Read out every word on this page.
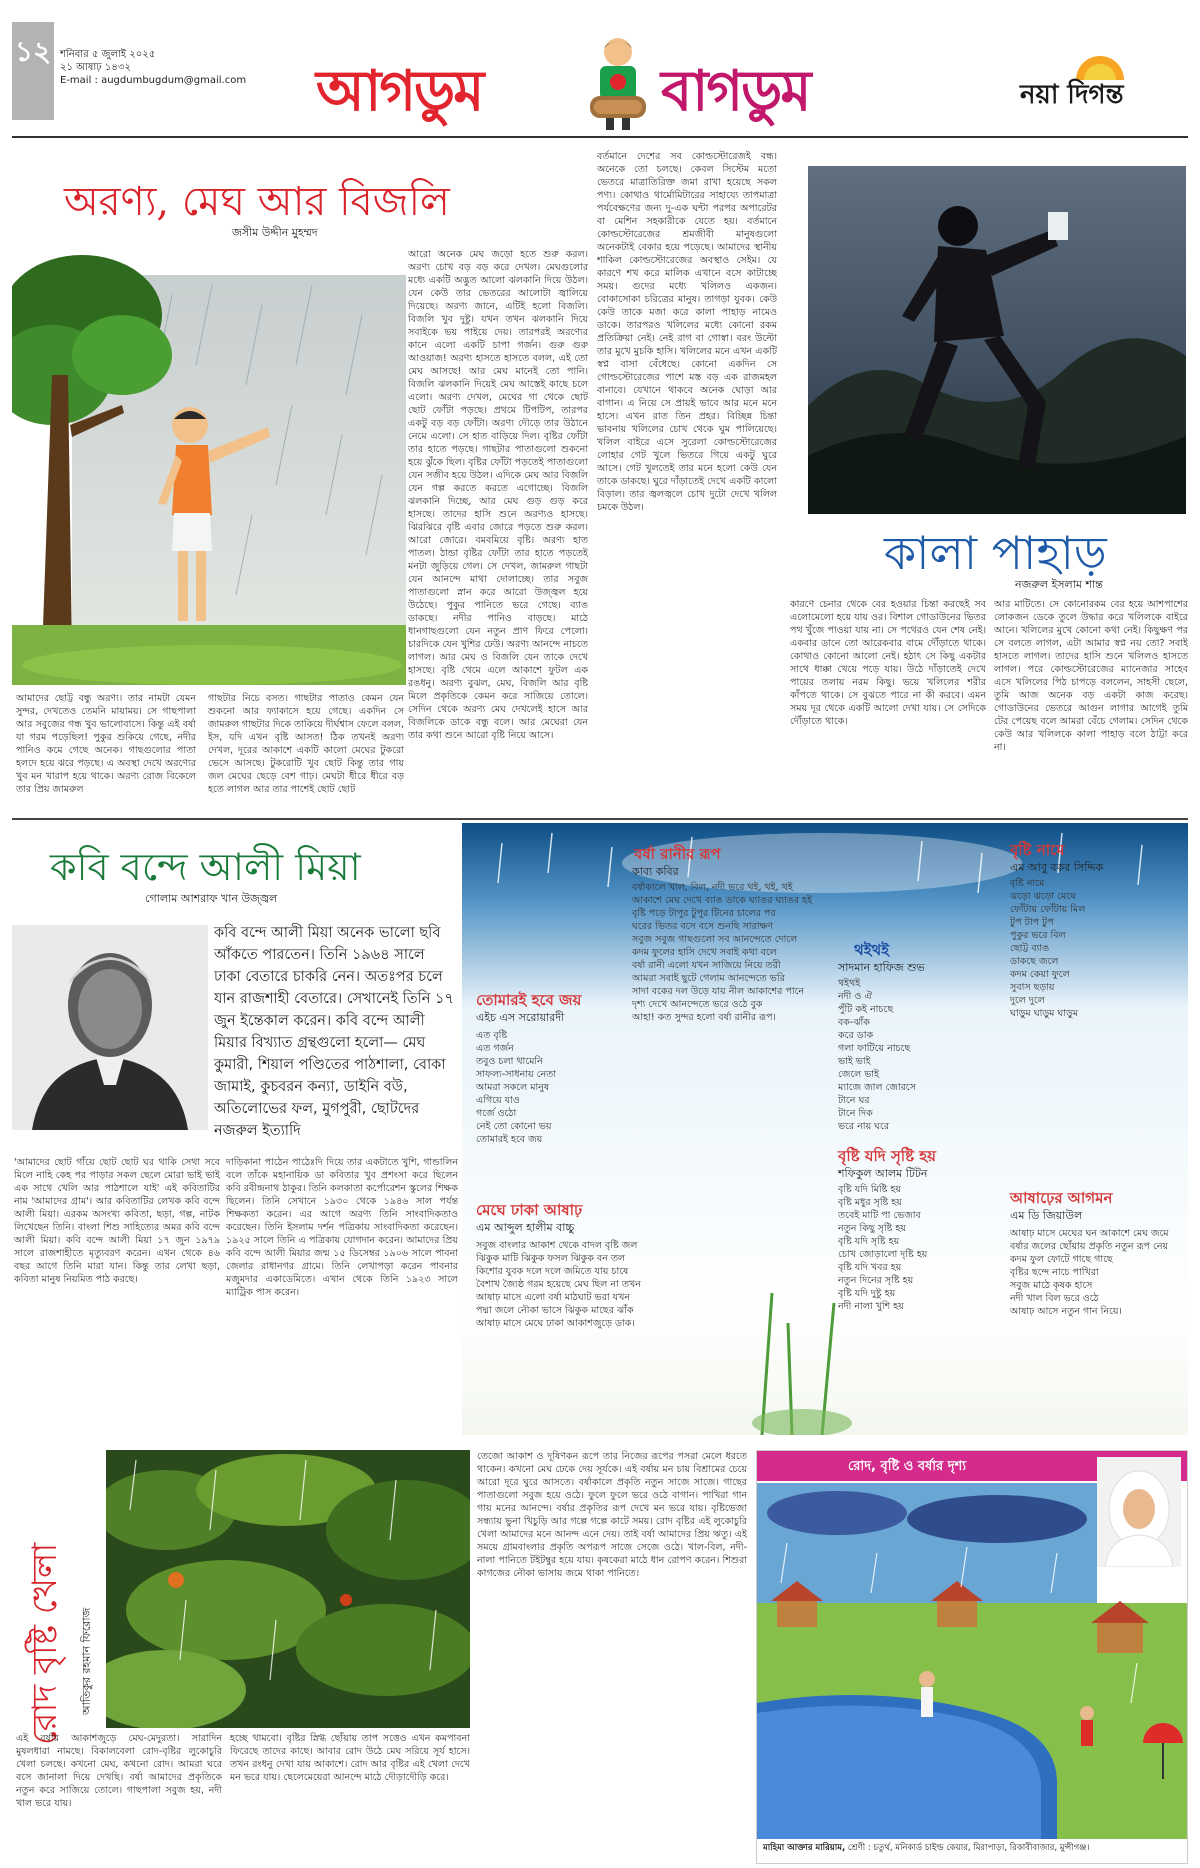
১২ শনিবার ৫ জুলাই ২০২৫
২১ আষাঢ় ১৪৩২
E-mail : augdumbugdum@gmail.com আগডুম	বাগডুম	নয়া দিগন্ত
অরণ্য, মেঘ আর বিজলি
জসীম উদ্দীন মুহম্মদ
আমাদের ছোট্ট বন্ধু অরণ্য। তার নামটা যেমন সুন্দর, দেখতেও তেমনি মায়াময়। সে গাছপালা আর সবুজের গন্ধ খুব ভালোবাসে। কিন্তু এই বর্ষা যা গরম পড়েছিল! পুকুর শুকিয়ে গেছে, নদীর পানিও কমে গেছে অনেক। গাছগুলোর পাতা হলদে হয়ে ঝরে পড়ছে। এ অবস্থা দেখে অরণ্যের খুব মন খারাপ হয়ে থাকে। অরণ্য রোজ বিকেলে তার প্রিয় জামরুল
গাছটার নিচে বসত। গাছটার পাতাও কেমন যেন শুকনো আর ফ্যাকাসে হয়ে গেছে। একদিন সে জামরুল গাছটার দিকে তাকিয়ে দীর্ঘশ্বাস ফেলে বলল, ইস, যদি এখন বৃষ্টি আসত! ঠিক তখনই অরণ্য দেখল, দূরের আকাশে একটি কালো মেঘের টুকরো ভেসে আসছে। টুকরোটি খুব ছোট কিন্তু তার গায় জল মেঘের ছেড়ে বেশ গাঢ়। মেঘটা ধীরে ধীরে বড় হতে লাগল আর তার পাশেই ছোট ছোট
আরো অনেক মেঘ জড়ো হতে শুরু করল। অরণ্য চোখ বড় বড় করে দেখল। মেঘগুলোর মধ্যে একটি অদ্ভুত আলো ঝলকানি দিয়ে উঠল। যেন কেউ তার ভেতরের আলোটা জ্বালিয়ে দিয়েছে। অরণ্য জানে, এটিই হলো বিজলি। বিজলি খুব দুষ্টু। যখন তখন ঝলকানি দিয়ে সবাইকে ভয় পাইয়ে দেয়। তারপরই অরণ্যের কানে এলো একটি চাপা গর্জন। গুরু গুরু আওয়াজ! অরণ্য হাসতে হাসতে বলল, এই তো মেঘ আসছে! আর মেঘ মানেই তো পানি। বিজলি ঝলকানি দিয়েই মেঘ আস্তেই কাছে চলে এলো। অরণ্য দেখল, মেঘের গা থেকে ছোট ছোট ফোঁটা পড়ছে। প্রথমে টিপটিপ, তারপর একটু বড় বড় ফোঁটা। অরণ্য দৌড়ে তার উঠানে নেমে এলো। সে হাত বাড়িয়ে দিল। বৃষ্টির ফোঁটা তার হাতে পড়ছে। গাছটার পাতাগুলো শুকনো হয়ে ঝুঁকে ছিল। বৃষ্টির ফোঁটা পড়তেই পাতাগুলো যেন সজীব হয়ে উঠল। এদিকে মেঘ আর বিজলি যেন গল্প করতে করতে এগোচ্ছে। বিজলি ঝলকানি দিচ্ছে, আর মেঘ গুড় গুড় করে হাসছে। তাদের হাসি শুনে অরণ্যও হাসছে। ঝিরঝিরে বৃষ্টি এবার জোরে পড়তে শুরু করল। আরো জোরে। বমবমিয়ে বৃষ্টি। অরণ্য হাত পাতল। ঠান্ডা বৃষ্টির ফোঁটা তার হাতে পড়তেই মনটা জুড়িয়ে গেল। সে দেখল, জামরুল গাছটা যেন আনন্দে মাথা দোলাচ্ছে। তার সবুজ পাতাগুলো স্নান করে আরো উজ্জ্বল হয়ে উঠেছে। পুকুর পানিতে ভরে গেছে। ব্যাঙ ডাকছে। নদীর পানিও বাড়ছে। মাঠে ধানগাছগুলো যেন নতুন প্রাণ ফিরে পেলো। চারদিকে যেন খুশির ঢেউ। অরণ্য আনন্দে নাচতে লাগল। আর মেঘ ও বিজলি যেন তাকে দেখে হাসছে। বৃষ্টি থেমে এলে আকাশে ফুটল এক রঙধনু। অরণ্য বুঝল, মেঘ, বিজলি আর বৃষ্টি মিলে প্রকৃতিকে কেমন করে সাজিয়ে তোলে। সেদিন থেকে অরণ্য মেঘ দেখলেই হাসে আর বিজলিকে ডাকে বন্ধু বলে। আর মেঘেরা যেন তার কথা শুনে আরো বৃষ্টি নিয়ে আসে।
বর্তমানে দেশের সব কোল্ডস্টোরেজই বন্ধ। অনেকে তো চলছে। কেবল সিস্টেম মতো ভেতরে মাত্রাতিরিক্ত জমা রাখা হয়েছে সকল পণ্য। কোথাও থার্মোমিটারের সাহায্যে তাপমাত্রা পর্যবেক্ষণের জন্য দু-এক ঘন্টা পরপর অপারেটর বা মেশিন সহকারীকে যেতে হয়। বর্তমানে কোল্ডস্টোরেজের শ্রমজীবী মানুষগুলো অনেকটাই বেকার হয়ে পড়েছে। আমাদের স্থানীয় শাকিল কোল্ডস্টোরেজের অবস্থাও সেইম। যে কারণে শখ করে মালিক এখানে বসে কাটাচ্ছে সময়। গুদের মধ্যে খলিলও একজন। বোকাসোকা চরিত্রের মানুষ। তাগড়া যুবক। কেউ কেউ তাকে মজা করে কালা পাহাড় নামেও ডাকে। তারপরও খলিলের মধ্যে কোনো রকম প্রতিক্রিয়া নেই। নেই রাগ বা গোস্বা। বরং উল্টো তার মুখে মুচকি হাসি। খলিলের মনে এখন একটি স্বপ্ন বাসা বেঁধেছে। কোনো একদিন সে গোল্ডস্টোরেজের পাশে মস্ত বড় এক রাজমহল বানাবে। যেখানে থাকবে অনেক ঘোড়া আর বাগান। এ নিয়ে সে প্রায়ই ভাবে আর মনে মনে হাসে। এখন রাত তিন প্রহর। বিচ্ছিন্ন চিন্তা ভাবনায় খলিলের চোখ থেকে ঘুম পালিয়েছে। খলিল বাইরে এসে সুরেলা কোল্ডস্টোরেজের লোহার গেট খুলে ভিতরে গিয়ে একটু ঘুরে আসে। গেট খুলতেই তার মনে হলো কেউ যেন তাকে ডাকছে। ঘুরে দাঁড়াতেই দেখে একটি কালো বিড়াল। তার জ্বলজ্বলে চোখ দুটো দেখে খলিল চমকে উঠল।
কালা পাহাড়
নজরুল ইসলাম শান্ত
কারণে চেনার থেকে বের হওয়ার চিন্তা করছেই সব এলোমেলো হয়ে যায় ওর। বিশাল গোডাউনের ভিতর পথ খুঁজে পাওয়া যায় না। সে পথেরও যেন শেষ নেই। একবার ডানে তো আরেকবার বামে দৌঁড়াতে থাকে। কোথাও কোনো আলো নেই। হঠাৎ সে কিছু একটার সাথে ধাক্কা খেয়ে পড়ে যায়। উঠে দাঁড়াতেই দেখে পায়ের তলায় নরম কিছু। ভয়ে খলিলের শরীর কাঁপতে থাকে। সে বুঝতে পারে না কী করবে। এমন সময় দূর থেকে একটি আলো দেখা যায়। সে সেদিকে দৌঁড়াতে থাকে।
আর মাটিতে। সে কোনোরকম বের হয়ে আশপাশের লোকজন ডেকে তুলে উদ্ধার করে খলিলকে বাইরে আনে। খলিলের মুখে কোনো কথা নেই। কিছুক্ষণ পর সে বলতে লাগল, এটা আমার স্বপ্ন নয় তো? সবাই হাসতে লাগল। তাদের হাসি শুনে খলিলও হাসতে লাগল। পরে কোল্ডস্টোরেজের ম্যানেজার সাহেব এসে খলিলের পিঠ চাপড়ে বললেন, সাহসী ছেলে, তুমি আজ অনেক বড় একটা কাজ করেছ। গোডাউনের ভেতরে আগুন লাগার আগেই তুমি টের পেয়েছ বলে আমরা বেঁচে গেলাম। সেদিন থেকে কেউ আর খলিলকে কালা পাহাড় বলে ঠাট্টা করে না।
কবি বন্দে আলী মিয়া
গোলাম আশরাফ খান উজ্জ্বল
কবি বন্দে আলী মিয়া অনেক ভালো ছবি আঁকতে পারতেন। তিনি ১৯৬৪ সালে ঢাকা বেতারে চাকরি নেন। অতঃপর চলে যান রাজশাহী বেতারে। সেখানেই তিনি ১৭ জুন ইন্তেকাল করেন। কবি বন্দে আলী মিয়ার বিখ্যাত গ্রন্থগুলো হলো— মেঘ কুমারী, শিয়াল পণ্ডিতের পাঠশালা, বোকা জামাই, কুচবরন কন্যা, ডাইনি বউ, অতিলোভের ফল, মুগপুরী, ছোটদের নজরুল ইত্যাদি
'আমাদের ছোট গাঁয়ে ছোট ছোট ঘর থাকি সেথা সবে মিলে নাহি কেহ পর পাড়ার সকল ছেলে মোরা ভাই ভাই এক সাথে খেলি আর পাঠশালে যাই' এই কবিতাটির নাম 'আমাদের গ্রাম'। আর কবিতাটির লেখক কবি বন্দে আলী মিয়া। এরকম অসংখ্য কবিতা, ছড়া, গল্প, নাটক লিখেছেন তিনি। বাংলা শিশু সাহিত্যের অমর কবি বন্দে আলী মিয়া। কবি বন্দে আলী মিয়া ১৭ জুন ১৯৭৯ সালে রাজশাহীতে মৃত্যুবরণ করেন। এখন থেকে ৪৬ বছর আগে তিনি মারা যান। কিন্তু তার লেখা ছড়া, কবিতা মানুষ নিয়মিত পাঠ করছে।
দাড়িকানা পাঠেন পাঠেঃদি দিয়ে তার একটাতে খুশি, গান্ডালিন বলে তাঁকে মহানায়িক ডা কবিতার খুব প্রশংসা করে ছিলেন কবি রবীন্দ্রনাথ ঠাকুর। তিনি কলকাতা কর্পোরেশন স্কুলের শিক্ষক ছিলেন। তিনি সেখানে ১৯৩০ থেকে ১৯৪৬ সাল পর্যন্ত শিক্ষকতা করেন। এর আগে অরণ্য তিনি সাংবাদিকতাও করেছেন। তিনি ইসলাম দর্শন পত্রিকায় সাংবাদিকতা করেছেন। ১৯২৫ সালে তিনি এ পত্রিকায় যোগদান করেন। আমাদের প্রিয় কবি বন্দে আলী মিয়ার জন্ম ১৫ ডিসেম্বর ১৯০৬ সালে পাবনা জেলার রাধানগর গ্রামে। তিনি লেখাপড়া করেন পাবনার মজুমদার একাডেমিতে। এখান থেকে তিনি ১৯২৩ সালে ম্যাট্রিক পাস করেন।
বর্ষা রানীর রূপ
কাব্য কবির
বর্ষাকালে খাল, বিল, নদী ভরে থই, থই, থই
আকাশে মেঘ দেখে ব্যাঙ ডাকে ঘ্যাঙর ঘ্যাঙর হই
বৃষ্টি পড়ে টাপুর টুপুর টিনের চালের পর
ঘরের ভিতর বসে বসে শুনছি সারাক্ষণ
সবুজ সবুজ গাছগুলো সব আনন্দেতে দোলে
কদম ফুলের হাসি দেখে সবাই কথা বলে
বর্ষা রানী এলো যখন সাজিয়ে নিয়ে তরী
আমরা সবাই ছুটে গেলাম আনন্দেতে ভরি
সাদা বকের দল উড়ে যায় নীল আকাশের পানে
দৃশ্য দেখে আনন্দেতে ভরে ওঠে বুক
আহা! কত সুন্দর হলো বর্ষা রানীর রূপ।
বৃষ্টি নামে
এম আবু বকর সিদ্দিক
বৃষ্টি নামে
ঝড়ো ঝড়ো মেঘে
ফোঁটায় ফোঁটায় মিল
টুপ টাপ টুপ
পুকুর ভরে বিল
ছোট্ট ব্যাঙ
ডাকছে জলে
কদম কেয়া ফুলে
সুবাস ছড়ায়
দুলে দুলে
ঘাড়ুম ঘাড়ুম ঘাড়ুম
থইথই
সাদমান হাফিজ শুভ
থইথই
নদী ও ঐ
পুঁটি কই নাচছে
বক-ঝাঁক
করে ডাক
গলা ফাটিয়ে নাচছে
ভাই ভাই
জেলে ভাই
ম্যাজে জাল জোরসে
টানে ঘর
টানে দিক
ভরে নায় ঘরে
তোমারই হবে জয়
এইচ এস সরোয়ারদী
এত বৃষ্টি
এত গর্জন
তবুও চলা থামেনি
সাফল্য-সাধনায় নেতা
আমরা সকলে মানুষ
এগিয়ে যাও
গর্জে ওঠো
নেই তো কোনো ভয়
তোমারই হবে জয়
বৃষ্টি যদি সৃষ্টি হয়
শফিকুল আলম টিটন
বৃষ্টি যদি মিষ্টি হয়
বৃষ্টি মধুর সৃষ্টি হয়
তবেই মাটি পা ভেজাব
নতুন কিছু সৃষ্টি হয়
বৃষ্টি যদি সৃষ্টি হয়
চোখ জোড়ালো দৃষ্টি হয়
বৃষ্টি যদি খবর হয়
নতুন দিনের সৃষ্টি হয়
বৃষ্টি যদি দুষ্টু হয়
নদী নালা খুশি হয়
মেঘে ঢাকা আষাঢ়
এম আব্দুল হালীম বাচ্চু
সবুজ বাংলার আকাশ থেকে বাদল বৃষ্টি জল
ঝিকুক মাটি ঝিকুক ফসল ঝিকুক বন তল
কিশোর যুবক দলে দলে জমিতে যায় চাষে
বৈশাখ জ্যৈষ্ঠ গরম হয়েছে মেঘ ছিল না তখন
আষাঢ় মাসে এলো বর্ষা মাঠঘাট ভরা যখন
পদ্মা জলে নৌকা ভাসে ঝিকুক মাছের ঝাঁক
আষাঢ় মাসে মেঘে ঢাকা আকাশজুড়ে ডাক।
আষাঢ়ের আগমন
এম ডি জিয়াউল
আষাঢ় মাসে মেঘের ঘন আকাশে মেঘ জমে
বর্ষার জলের ছোঁয়ায় প্রকৃতি নতুন রূপ নেয়
কদম ফুল ফোটে গাছে গাছে
বৃষ্টির ছন্দে নাচে পাখিরা
সবুজ মাঠে কৃষক হাসে
নদী খাল বিল ভরে ওঠে
আষাঢ় আসে নতুন গান নিয়ে।
রোদ বৃষ্টি খেলা আতিকুর রহমান ফিরোজ
এই বর্ষায় আকাশজুড়ে মেঘ-মেদুরতা। সারাদিন মুষলধারা নামছে। বিকালবেলা রোদ-বৃষ্টির লুকোচুরি খেলা চলছে। কখনো মেঘ, কখনো রোদ। আমরা ঘরে বসে জানালা দিয়ে দেখছি। বর্ষা আমাদের প্রকৃতিকে নতুন করে সাজিয়ে তোলে। গাছপালা সবুজ হয়, নদী খাল ভরে যায়।
হচ্ছে থামবো। বৃষ্টির স্নিগ্ধ ছোঁয়ায় তাপ সত্তেও এখন কমপাবনা ফিরেছে তাদের কাছে। আবার রোদ উঠে মেঘ সরিয়ে সূর্য হাসে। তখন রংধনু দেখা যায় আকাশে। রোদ আর বৃষ্টির এই খেলা দেখে মন ভরে যায়। ছেলেমেয়েরা আনন্দে মাঠে দৌড়াদৌড়ি করে।
তেজো আকাশ ও দূষিণকন রূপে তার নিজের রূপের পসরা মেলে ধরতে থাকেন। কখনো মেঘ ঢেকে দেয় সূর্যকে। এই বর্ষায় মন চায় বিশ্রামের চেয়ে আরো দূরে ঘুরে আসতে। বর্ষাকালে প্রকৃতি নতুন সাজে সাজে। গাছের পাতাগুলো সবুজ হয়ে ওঠে। ফুলে ফুলে ভরে ওঠে বাগান। পাখিরা গান গায় মনের আনন্দে। বর্ষার প্রকৃতির রূপ দেখে মন ভরে যায়। বৃষ্টিভেজা সন্ধ্যায় ভুনা খিচুড়ি আর গল্পে গল্পে কাটে সময়। রোদ বৃষ্টির এই লুকোচুরি খেলা আমাদের মনে আনন্দ এনে দেয়। তাই বর্ষা আমাদের প্রিয় ঋতু। এই সময়ে গ্রামবাংলার প্রকৃতি অপরূপ সাজে সেজে ওঠে। খাল-বিল, নদী-নালা পানিতে টইটম্বুর হয়ে যায়। কৃষকেরা মাঠে ধান রোপণ করেন। শিশুরা কাগজের নৌকা ভাসায় জমে থাকা পানিতে।
রোদ, বৃষ্টি ও বর্ষার দৃশ্য
মাহিমা আক্তার মারিয়াম, শ্রেণী : চতুর্থ, মনিকার্ড চাইল্ড কেয়ার, মিরাপাড়া, রিকাবীবাজার, মুন্সীগঞ্জ।
